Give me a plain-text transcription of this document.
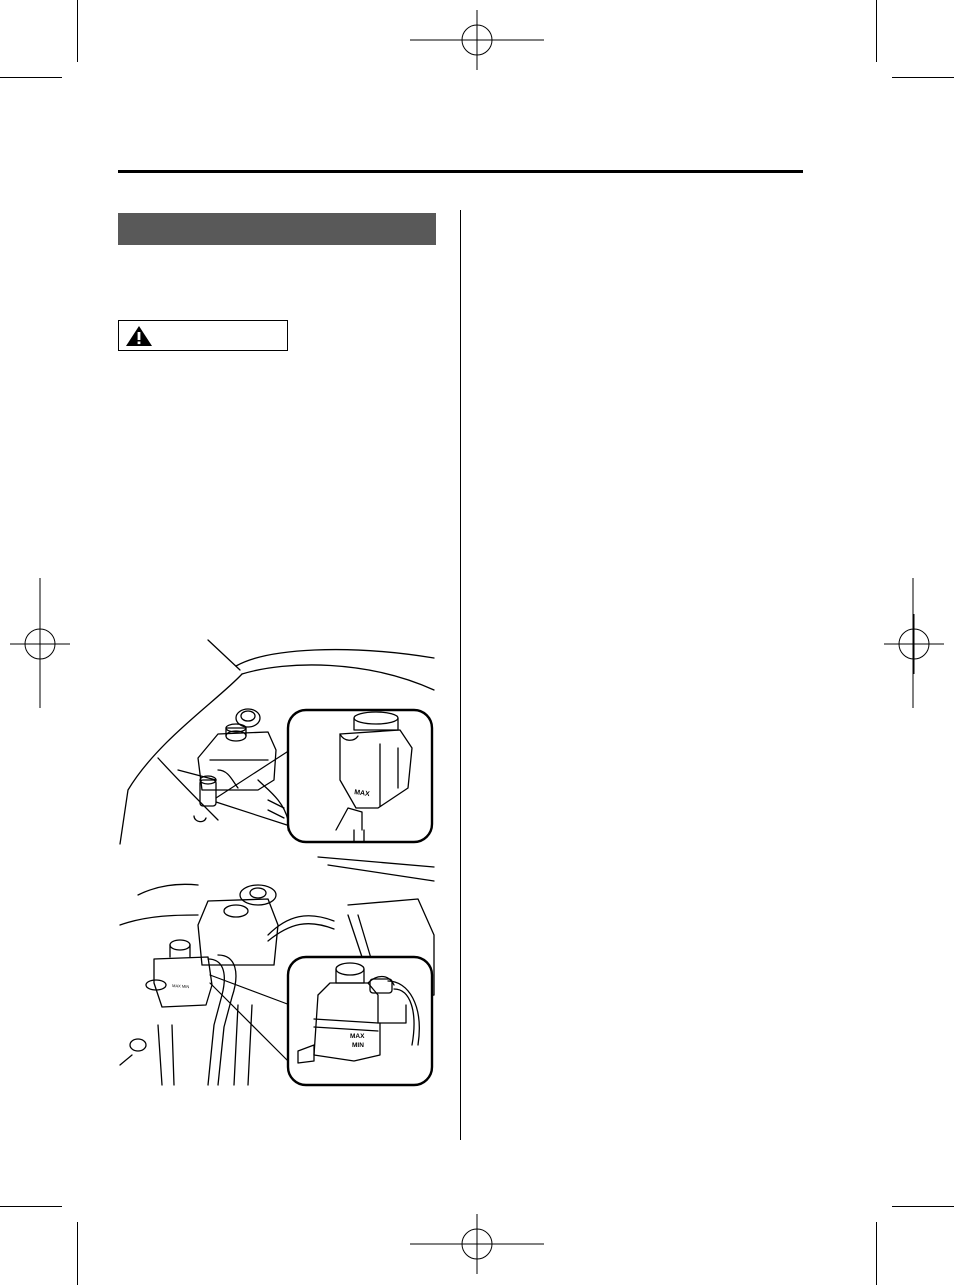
MAX
MAX
MIN
MAX MIN
